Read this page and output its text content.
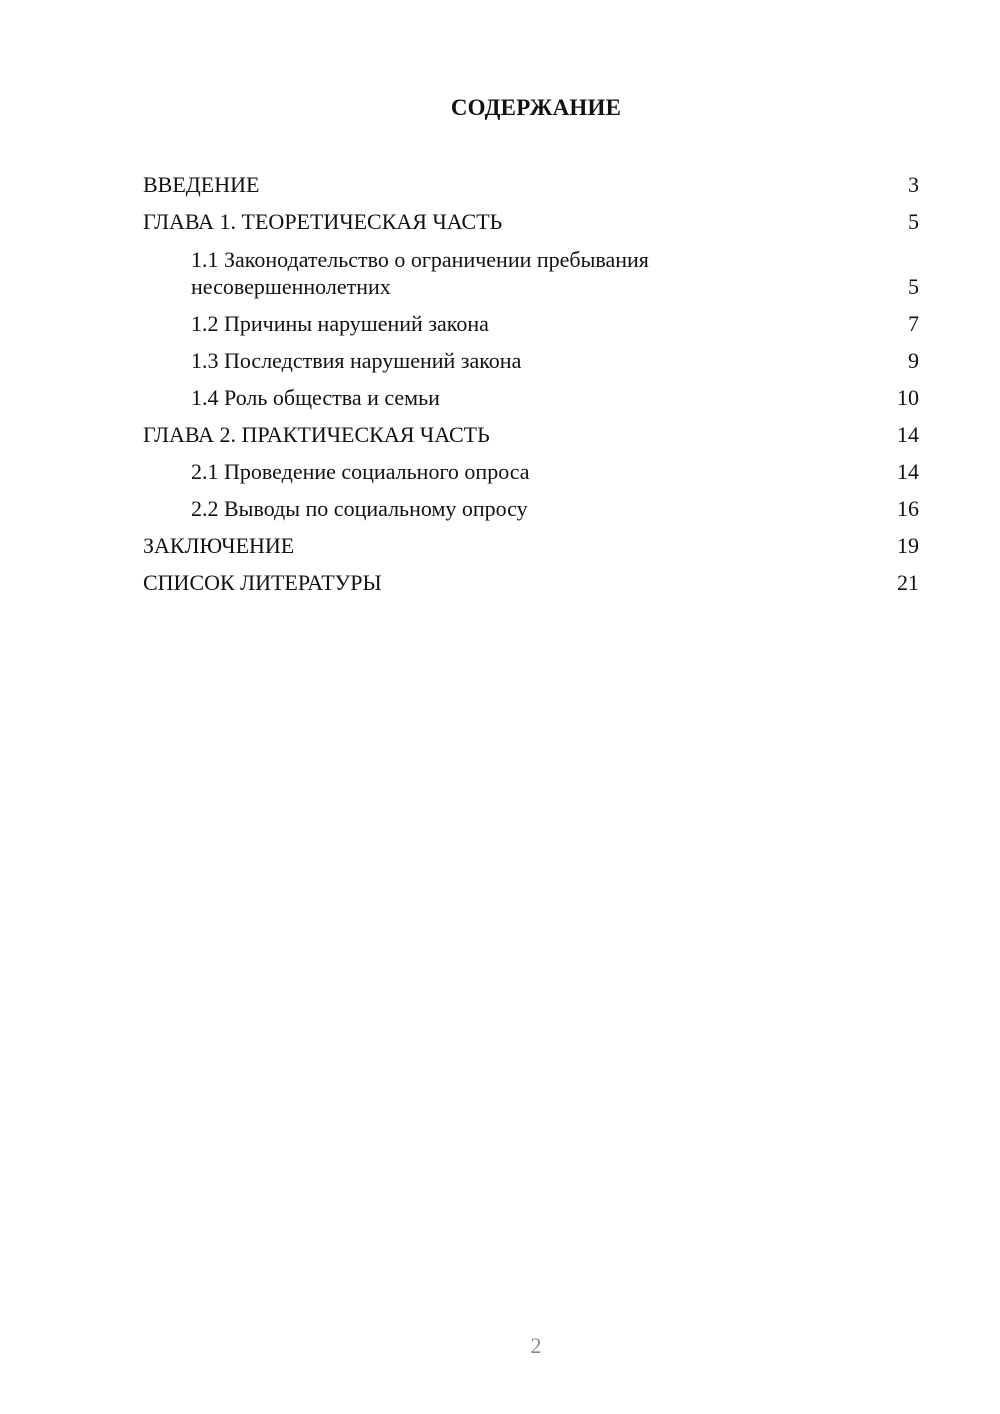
СОДЕРЖАНИЕ
ВВЕДЕНИЕ	3
ГЛАВА 1. ТЕОРЕТИЧЕСКАЯ ЧАСТЬ	5
1.1 Законодательство о ограничении пребывания несовершеннолетних	5
1.2 Причины нарушений закона	7
1.3 Последствия нарушений закона	9
1.4 Роль общества и семьи	10
ГЛАВА 2. ПРАКТИЧЕСКАЯ ЧАСТЬ	14
2.1 Проведение социального опроса	14
2.2 Выводы по социальному опросу	16
ЗАКЛЮЧЕНИЕ	19
СПИСОК ЛИТЕРАТУРЫ	21
2
